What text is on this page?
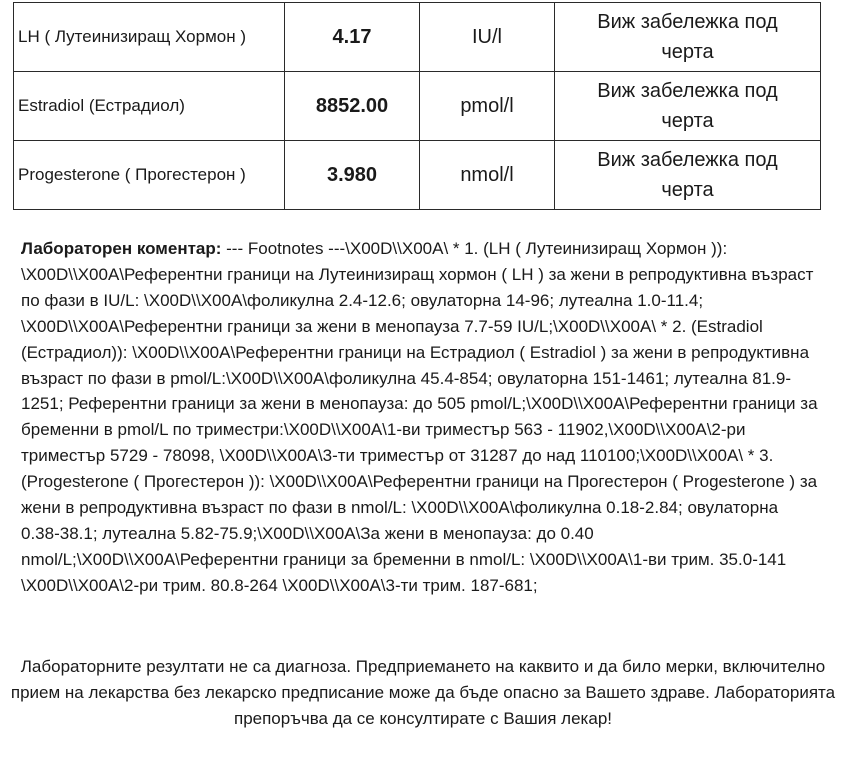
LH ( Лутеинизиращ Хормон )	4.17	IU/l	Виж забележка под черта
Estradiol (Естрадиол)	8852.00	pmol/l	Виж забележка под черта
Progesterone ( Прогестерон )	3.980	nmol/l	Виж забележка под черта
Лабораторен коментар: --- Footnotes ---\X00D\\X00A\ * 1. (LH ( Лутеинизиращ Хормон )): \X00D\\X00A\Референтни граници на Лутеинизиращ хормон ( LH ) за жени в репродуктивна възраст по фази в IU/L: \X00D\\X00A\фоликулна 2.4-12.6; овулаторна 14-96; лутеална 1.0-11.4; \X00D\\X00A\Референтни граници за жени в менопауза 7.7-59 IU/L;\X00D\\X00A\ * 2. (Estradiol (Естрадиол)): \X00D\\X00A\Референтни граници на Естрадиол ( Estradiol ) за жени в репродуктивна възраст по фази в pmol/L:\X00D\\X00A\фоликулна 45.4-854; овулаторна 151-1461; лутеална 81.9-1251; Референтни граници за жени в менопауза: до 505 pmol/L;\X00D\\X00A\Референтни граници за бременни в pmol/L по триместри:\X00D\\X00A\1-ви триместър 563 - 11902,\X00D\\X00A\2-ри триместър 5729 - 78098, \X00D\\X00A\3-ти триместър от 31287 до над 110100;\X00D\\X00A\ * 3. (Progesterone ( Прогестерон )): \X00D\\X00A\Референтни граници на Прогестерон ( Progesterone ) за жени в репродуктивна възраст по фази в nmol/L: \X00D\\X00A\фоликулна 0.18-2.84; овулаторна 0.38-38.1; лутеална 5.82-75.9;\X00D\\X00A\За жени в менопауза: до 0.40 nmol/L;\X00D\\X00A\Референтни граници за бременни в nmol/L: \X00D\\X00A\1-ви трим. 35.0-141 \X00D\\X00A\2-ри трим. 80.8-264 \X00D\\X00A\3-ти трим. 187-681;
Лабораторните резултати не са диагноза. Предприемането на каквито и да било мерки, включително прием на лекарства без лекарско предписание може да бъде опасно за Вашето здраве. Лабораторията препоръчва да се консултирате с Вашия лекар!
